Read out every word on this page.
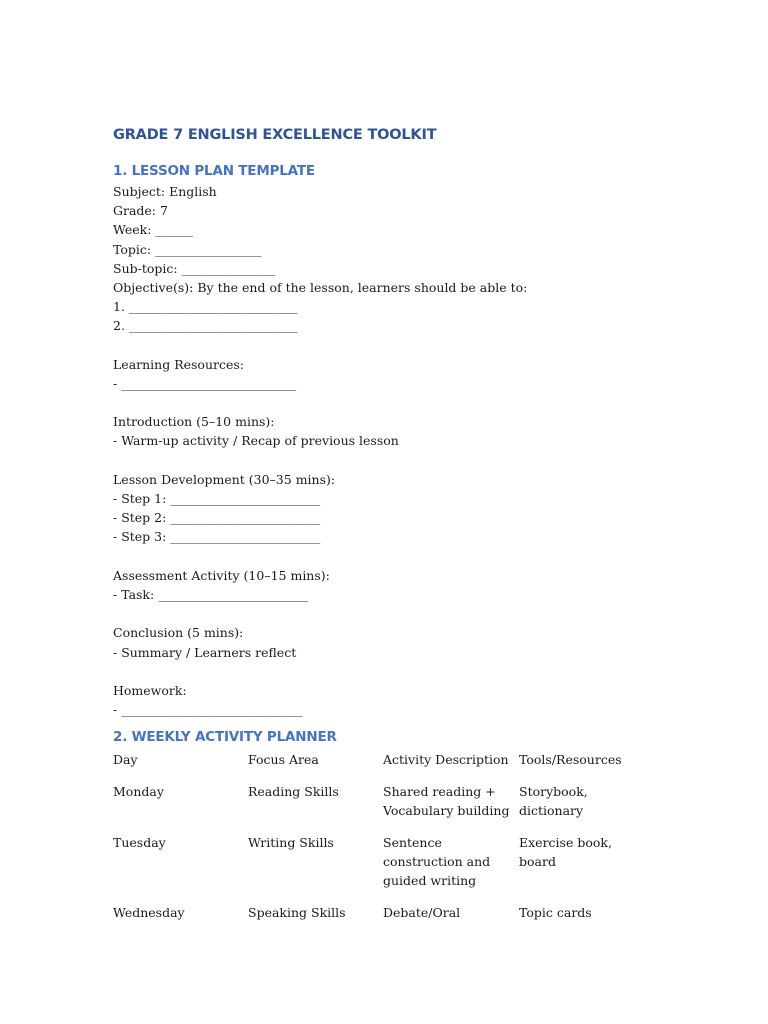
GRADE 7 ENGLISH EXCELLENCE TOOLKIT
1. LESSON PLAN TEMPLATE
Subject: English
Grade: 7
Week: ______
Topic: _________________
Sub-topic: _______________
Objective(s): By the end of the lesson, learners should be able to:
1. ___________________________
2. ___________________________
Learning Resources:
- ____________________________
Introduction (5–10 mins):
- Warm-up activity / Recap of previous lesson
Lesson Development (30–35 mins):
- Step 1: ________________________
- Step 2: ________________________
- Step 3: ________________________
Assessment Activity (10–15 mins):
- Task: ________________________
Conclusion (5 mins):
- Summary / Learners reflect
Homework:
- _____________________________
2. WEEKLY ACTIVITY PLANNER
Day	Focus Area	Activity Description	Tools/Resources
Monday	Reading Skills	Shared reading + Vocabulary building	Storybook, dictionary
Tuesday	Writing Skills	Sentence construction and guided writing	Exercise book, board
Wednesday	Speaking Skills	Debate/Oral	Topic cards
